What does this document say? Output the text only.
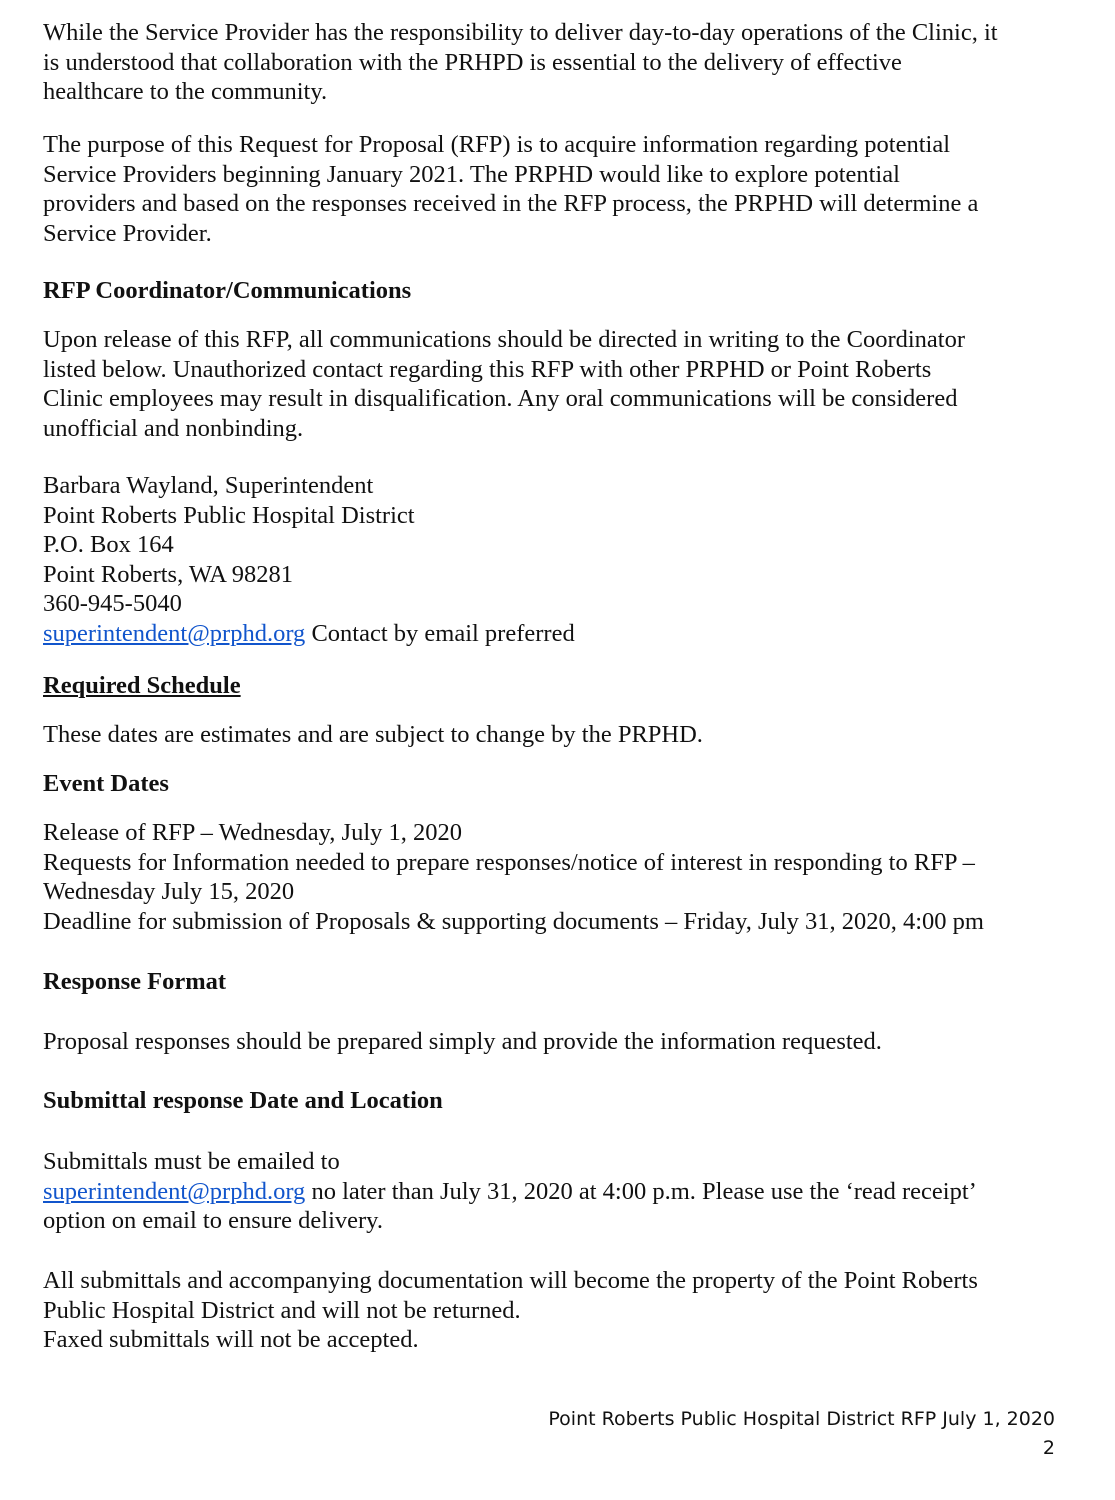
While the Service Provider has the responsibility to deliver day-to-day operations of the Clinic, it
is understood that collaboration with the PRHPD is essential to the delivery of effective
healthcare to the community.

The purpose of this Request for Proposal (RFP) is to acquire information regarding potential
Service Providers beginning January 2021. The PRPHD would like to explore potential
providers and based on the responses received in the RFP process, the PRPHD will determine a
Service Provider.

RFP Coordinator/Communications

Upon release of this RFP, all communications should be directed in writing to the Coordinator
listed below. Unauthorized contact regarding this RFP with other PRPHD or Point Roberts
Clinic employees may result in disqualification. Any oral communications will be considered
unofficial and nonbinding.

Barbara Wayland, Superintendent
Point Roberts Public Hospital District
P.O. Box 164
Point Roberts, WA 98281
360-945-5040
superintendent@prphd.org Contact by email preferred

Required Schedule

These dates are estimates and are subject to change by the PRPHD.

Event Dates

Release of RFP – Wednesday, July 1, 2020
Requests for Information needed to prepare responses/notice of interest in responding to RFP –
Wednesday July 15, 2020
Deadline for submission of Proposals & supporting documents – Friday, July 31, 2020, 4:00 pm

Response Format

Proposal responses should be prepared simply and provide the information requested.

Submittal response Date and Location

Submittals must be emailed to
superintendent@prphd.org no later than July 31, 2020 at 4:00 p.m. Please use the ‘read receipt’
option on email to ensure delivery.

All submittals and accompanying documentation will become the property of the Point Roberts
Public Hospital District and will not be returned.
Faxed submittals will not be accepted.

Point Roberts Public Hospital District RFP July 1, 2020
2
